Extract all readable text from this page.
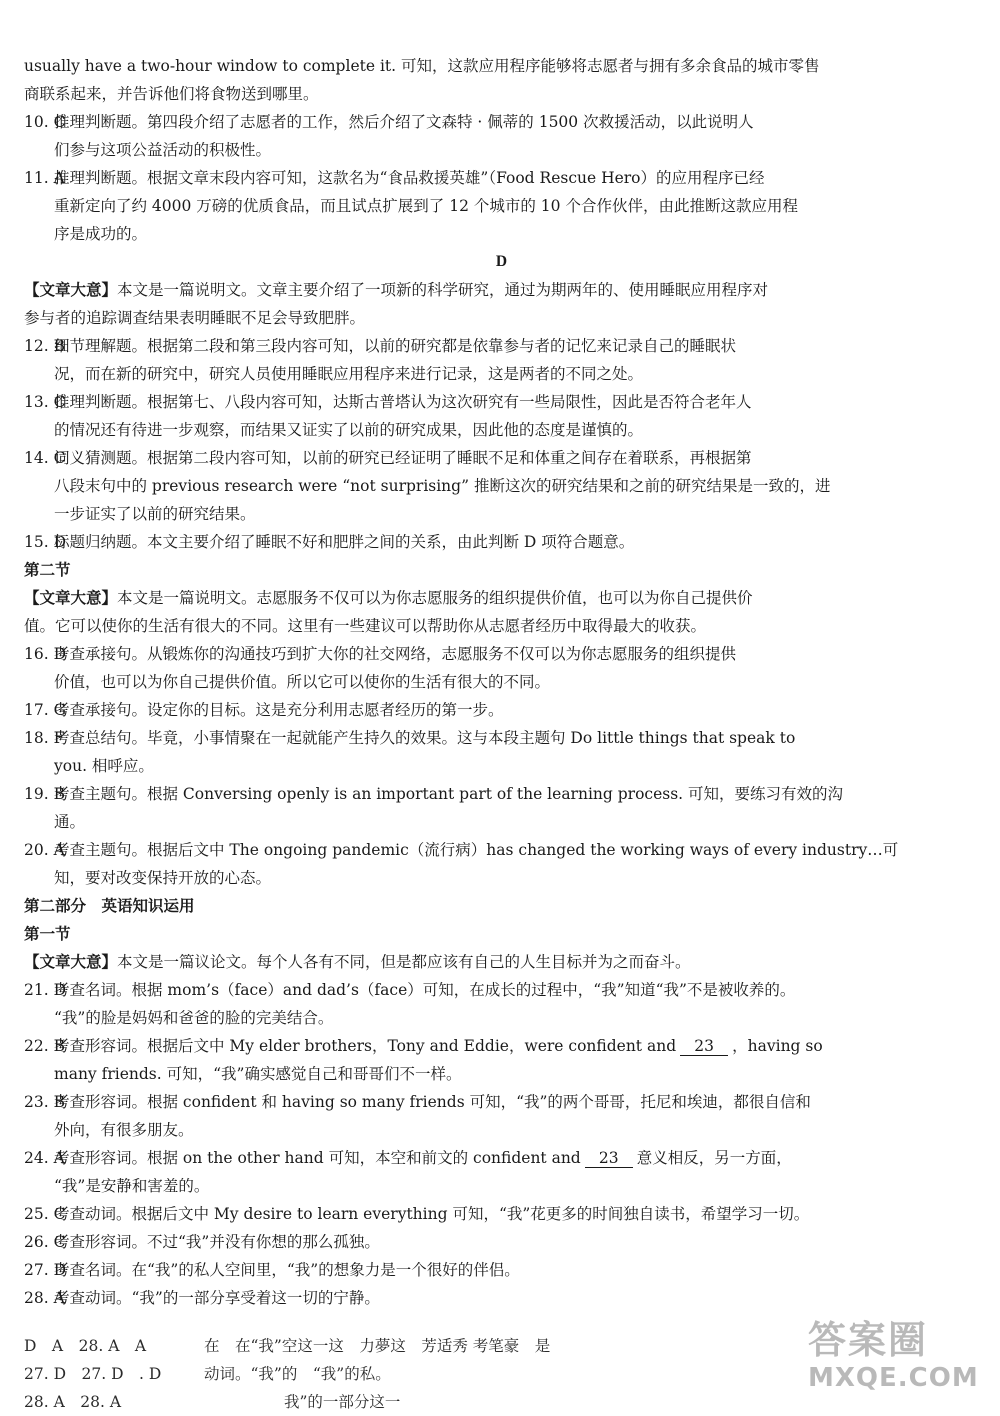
usually have a two-hour window to complete it. 可知，这款应用程序能够将志愿者与拥有多余食品的城市零售
商联系起来，并告诉他们将食物送到哪里。
10. C推理判断题。第四段介绍了志愿者的工作，然后介绍了文森特 · 佩蒂的 1500 次救援活动，以此说明人
们参与这项公益活动的积极性。
11. A推理判断题。根据文章末段内容可知，这款名为“食品救援英雄”（Food Rescue Hero）的应用程序已经
重新定向了约 4000 万磅的优质食品，而且试点扩展到了 12 个城市的 10 个合作伙伴，由此推断这款应用程
序是成功的。
D
【文章大意】本文是一篇说明文。文章主要介绍了一项新的科学研究，通过为期两年的、使用睡眠应用程序对
参与者的追踪调查结果表明睡眠不足会导致肥胖。
12. B细节理解题。根据第二段和第三段内容可知，以前的研究都是依靠参与者的记忆来记录自己的睡眠状
况，而在新的研究中，研究人员使用睡眠应用程序来进行记录，这是两者的不同之处。
13. C推理判断题。根据第七、八段内容可知，达斯古普塔认为这次研究有一些局限性，因此是否符合老年人
的情况还有待进一步观察，而结果又证实了以前的研究成果，因此他的态度是谨慎的。
14. C词义猜测题。根据第二段内容可知，以前的研究已经证明了睡眠不足和体重之间存在着联系，再根据第
八段末句中的 previous research were “not surprising” 推断这次的研究结果和之前的研究结果是一致的，进
一步证实了以前的研究结果。
15. D标题归纳题。本文主要介绍了睡眠不好和肥胖之间的关系，由此判断 D 项符合题意。
第二节
【文章大意】本文是一篇说明文。志愿服务不仅可以为你志愿服务的组织提供价值，也可以为你自己提供价
值。它可以使你的生活有很大的不同。这里有一些建议可以帮助你从志愿者经历中取得最大的收获。
16. D考查承接句。从锻炼你的沟通技巧到扩大你的社交网络，志愿服务不仅可以为你志愿服务的组织提供
价值，也可以为你自己提供价值。所以它可以使你的生活有很大的不同。
17. G考查承接句。设定你的目标。这是充分利用志愿者经历的第一步。
18. F考查总结句。毕竟，小事情聚在一起就能产生持久的效果。这与本段主题句 Do little things that speak to
you. 相呼应。
19. B考查主题句。根据 Conversing openly is an important part of the learning process. 可知，要练习有效的沟
通。
20. A考查主题句。根据后文中 The ongoing pandemic（流行病）has changed the working ways of every industry…可
知，要对改变保持开放的心态。
第二部分　英语知识运用
第一节
【文章大意】本文是一篇议论文。每个人各有不同，但是都应该有自己的人生目标并为之而奋斗。
21. D考查名词。根据 mom’s（face）and dad’s（face）可知，在成长的过程中，“我”知道“我”不是被收养的。
“我”的脸是妈妈和爸爸的脸的完美结合。
22. B考查形容词。根据后文中 My elder brothers，Tony and Eddie，were confident and 23 ，having so
many friends. 可知，“我”确实感觉自己和哥哥们不一样。
23. B考查形容词。根据 confident 和 having so many friends 可知，“我”的两个哥哥，托尼和埃迪，都很自信和
外向，有很多朋友。
24. A考查形容词。根据 on the other hand 可知，本空和前文的 confident and 23 意义相反，另一方面，
“我”是安静和害羞的。
25. C考查动词。根据后文中 My desire to learn everything 可知，“我”花更多的时间独自读书，希望学习一切。
26. C考查形容词。不过“我”并没有你想的那么孤独。
27. D考查名词。在“我”的私人空间里，“我”的想象力是一个很好的伴侣。
28. A考查动词。“我”的一部分享受着这一切的宁静。
D　A　28. A　A	在　在“我”空这一这　力夢这　芳适秀 考笔豪　是
27. D　27. D　. D	动词。“我”的　“我”的私。
28. A　28. A	我”的一部分这一
答案圈
MXQE.COM
